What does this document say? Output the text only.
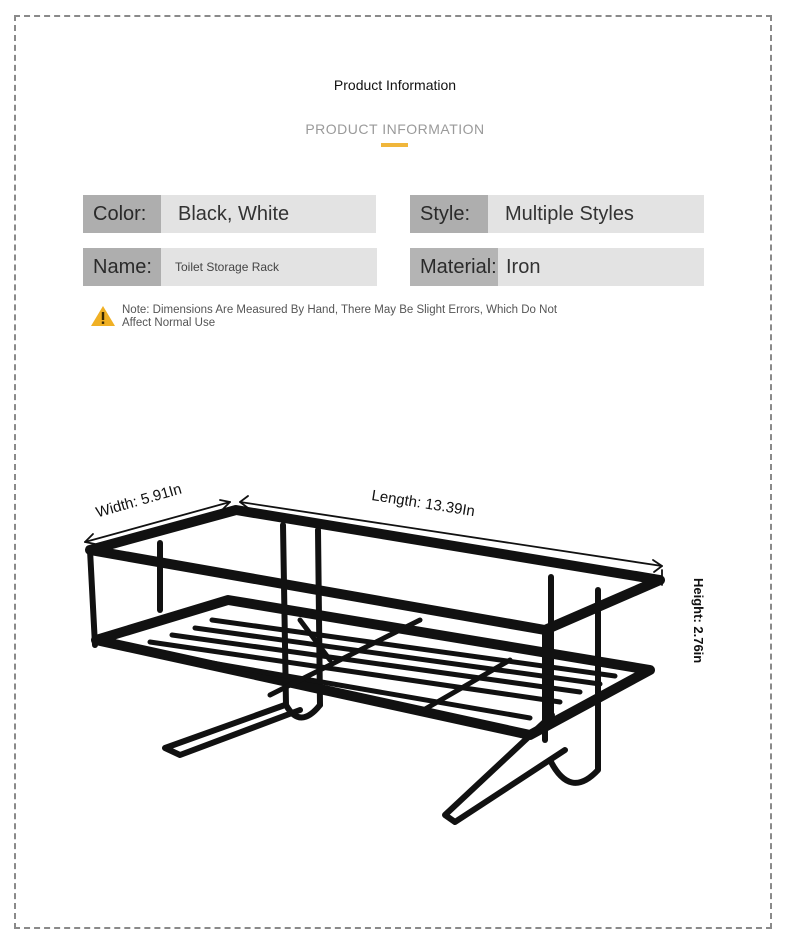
Product Information
PRODUCT INFORMATION
Color:	Black, White	Style:	Multiple Styles
Name:	Toilet Storage Rack	Material: Iron
Note: Dimensions Are Measured By Hand, There May Be Slight Errors, Which Do Not Affect Normal Use
Width: 5.91In	Length: 13.39In
Height: 2.76in
